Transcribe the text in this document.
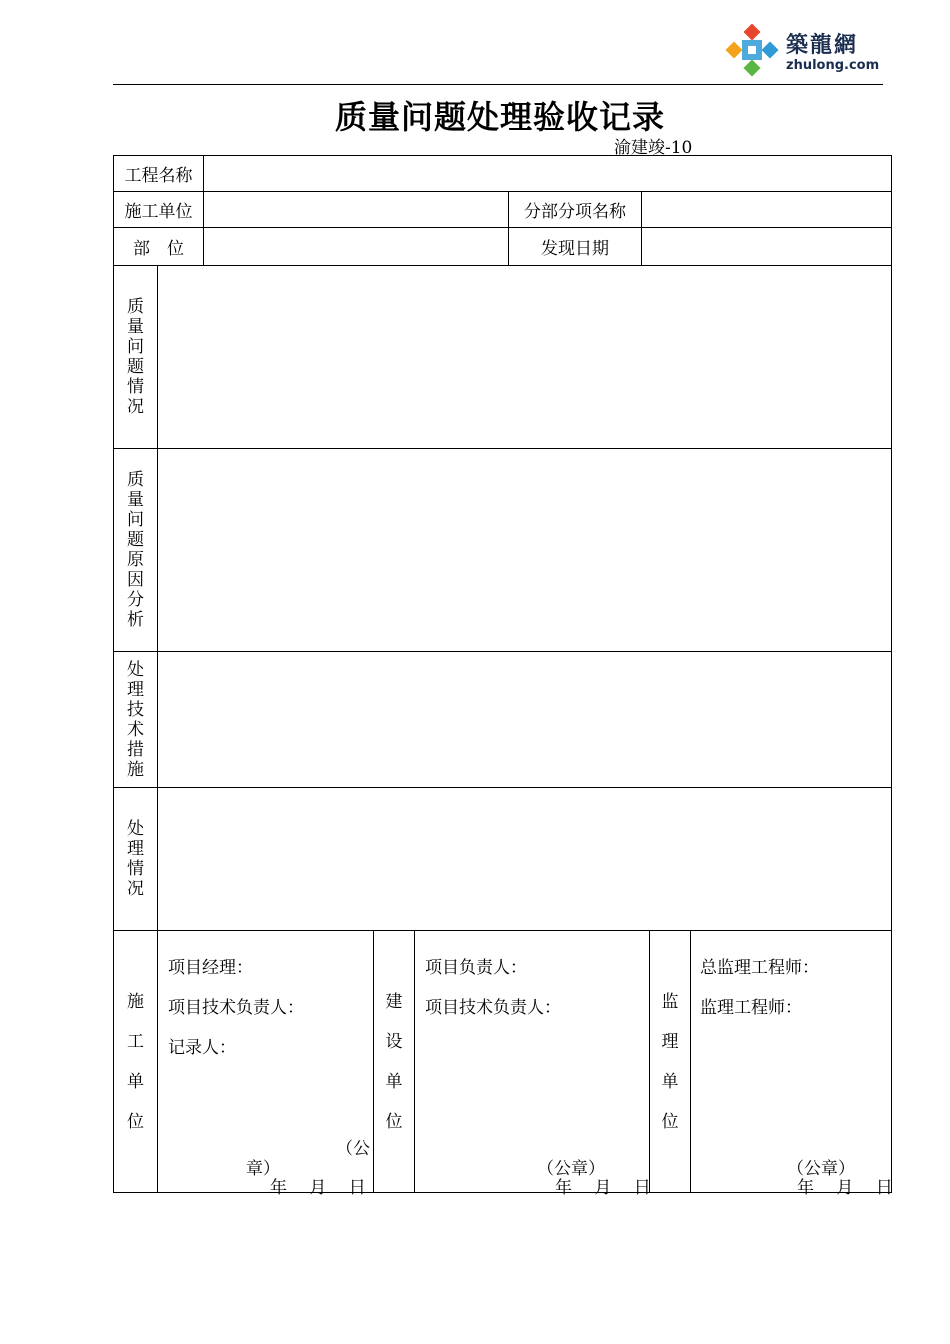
築龍網
zhulong.com
质量问题处理验收记录
渝建竣-10
工程名称
施工单位	分部分项名称
部　位	发现日期
质量问题情况
质量问题原因分析
处理技术措施
处理情况
施工单位
项目经理：
项目技术负责人：
记录人：
（公
章）
年　 月 　日
建设单位
项目负责人：
项目技术负责人：
（公章）
年　 月　 日
监理单位
总监理工程师：
监理工程师：
（公章）
年 　月　 日
